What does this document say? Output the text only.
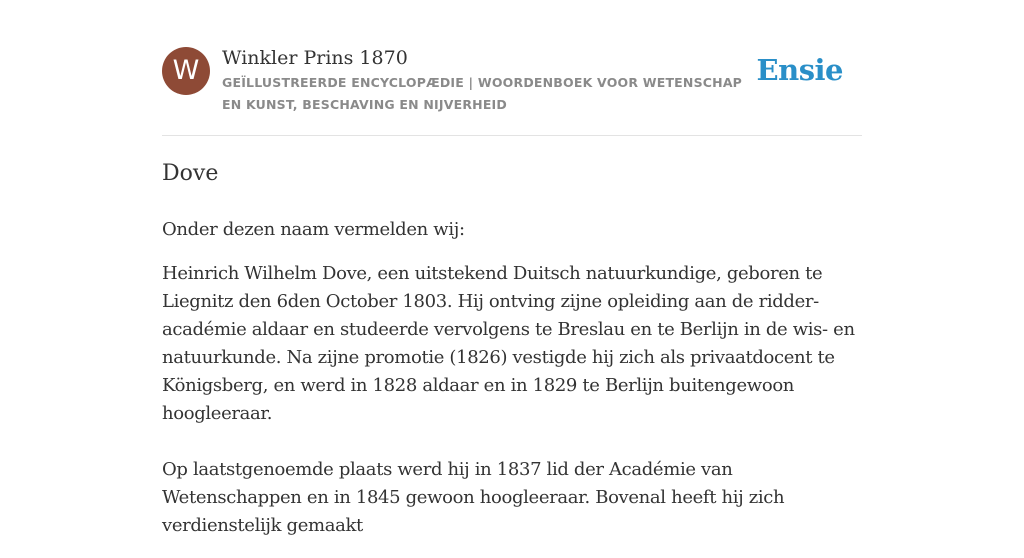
W	Winkler Prins 1870
GEÏLLUSTREERDE ENCYCLOPÆDIE | WOORDENBOEK VOOR WETENSCHAP EN KUNST, BESCHAVING EN NIJVERHEID
Ensie
Dove

Onder dezen naam vermelden wij:

Heinrich Wilhelm Dove, een uitstekend Duitsch natuurkundige, geboren te Liegnitz den 6den October 1803. Hij ontving zijne opleiding aan de ridder-académie aldaar en studeerde vervolgens te Breslau en te Berlijn in de wis- en natuurkunde. Na zijne promotie (1826) vestigde hij zich als privaatdocent te Königsberg, en werd in 1828 aldaar en in 1829 te Berlijn buitengewoon hoogleeraar.

Op laatstgenoemde plaats werd hij in 1837 lid der Académie van Wetenschappen en in 1845 gewoon hoogleeraar. Bovenal heeft hij zich verdienstelijk gemaakt
